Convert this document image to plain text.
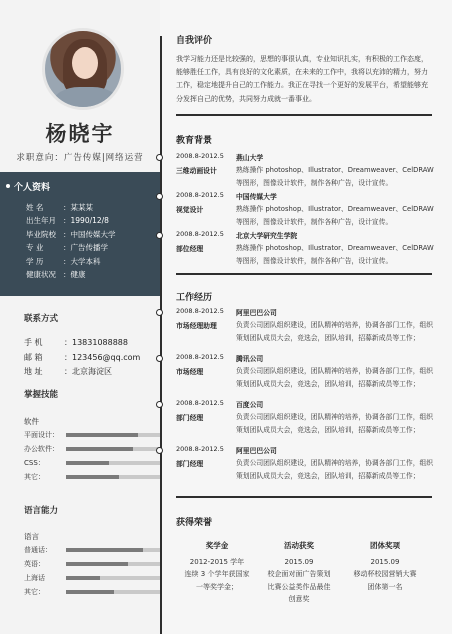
杨晓宇
求职意向：广告传媒|网络运营
个人资料
姓 名	：某某某
出生年月 ：1990/12/8
毕业院校 ：中国传媒大学
专 业	：广告传播学
学 历	：大学本科
健康状况 ：健康
联系方式
手 机	：13831088888
邮 箱	：123456@qq.com
地 址	：北京海淀区
掌握技能
软件
平面设计：
办公软件：
CSS：
其它：
语言能力
语言
普通话：
英语：
上海话
其它：
自我评价
我学习能力还是比较强的，思想的事很认真，专业知识扎实，有积极的工作态度，能够胜任工作，具有良好的文化素质，在未来的工作中，我将以充沛的精力，努力工作，稳定地提升自己的工作能力。我正在寻找一个更好的发展平台，希望能够充分发挥自己的优势，共同努力成就一番事业。
教育背景
2008.8-2012.5
三维动画设计
燕山大学
熟练操作 photoshop、Illustrator、Dreamweaver、CelDRAW 等图形，图像设计软件，制作各种广告，设计宣传。
2008.8-2012.5
视觉设计
中国传媒大学
熟练操作 photoshop、Illustrator、Dreamweaver、CelDRAW 等图形，图像设计软件，制作各种广告，设计宣传。
2008.8-2012.5
部位经理
北京大学研究生学院
熟练操作 photoshop、Illustrator、Dreamweaver、CelDRAW 等图形，图像设计软件，制作各种广告，设计宣传。
工作经历
2008.8-2012.5
市场经理助理
阿里巴巴公司
负责公司团队组织建设，团队精神的培养，协调各部门工作，组织策划团队成员大会，竞选会，团队培训，招募新成员等工作；
2008.8-2012.5
市场经理
腾讯公司
负责公司团队组织建设，团队精神的培养，协调各部门工作，组织策划团队成员大会，竞选会，团队培训，招募新成员等工作；
2008.8-2012.5
部门经理
百度公司
负责公司团队组织建设，团队精神的培养，协调各部门工作，组织策划团队成员大会，竞选会，团队培训，招募新成员等工作；
2008.8-2012.5
部门经理
阿里巴巴公司
负责公司团队组织建设，团队精神的培养，协调各部门工作，组织策划团队成员大会，竞选会，团队培训，招募新成员等工作；
获得荣誉
奖学金
2012-2015 学年
连续 3 个学年获国家
一等奖学金；
活动获奖
2015.09
校企面对面广告策划
比赛公益类作品最佳
创意奖
团体奖项
2015.09
移动杯校园营销大赛
团体第一名
